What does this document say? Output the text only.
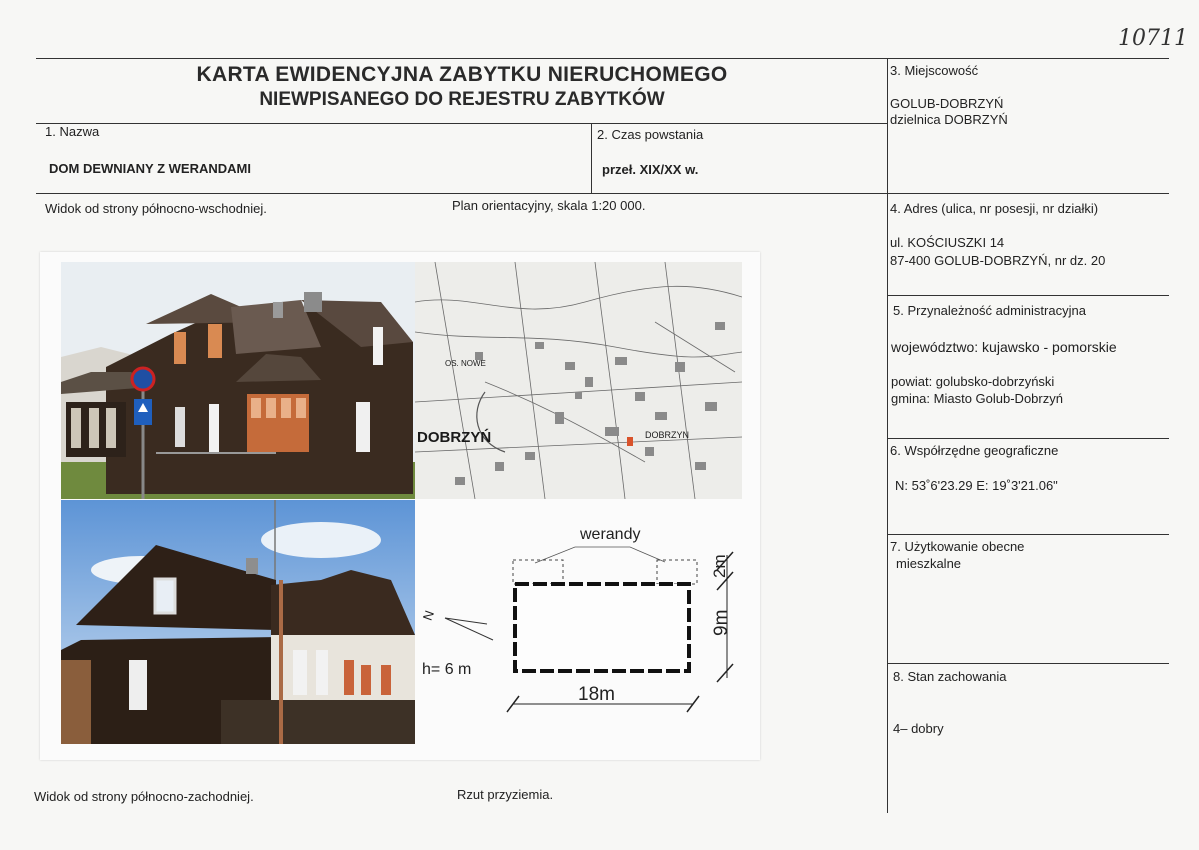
10711
KARTA EWIDENCYJNA ZABYTKU NIERUCHOMEGO
NIEWPISANEGO DO REJESTRU ZABYTKÓW
1. Nazwa
DOM DEWNIANY Z WERANDAMI
2. Czas powstania
przeł. XIX/XX w.
3. Miejscowość
GOLUB-DOBRZYŃ
dzielnica DOBRZYŃ
4. Adres (ulica, nr posesji, nr działki)
ul. KOŚCIUSZKI 14
87-400 GOLUB-DOBRZYŃ, nr dz. 20
5. Przynależność administracyjna
województwo: kujawsko - pomorskie
powiat: golubsko-dobrzyński
gmina: Miasto Golub-Dobrzyń
6. Współrzędne geograficzne
N: 53˚6'23.29 E: 19˚3'21.06"
7. Użytkowanie obecne
mieszkalne
8. Stan zachowania
4– dobry
Widok od strony północno-wschodniej.	Plan orientacyjny, skala 1:20 000.
Widok od strony północno-zachodniej.	Rzut przyziemia.
DOBRZYŃ	DOBRZYN
OS. NOWE
N
h= 6 m
werandy
18m
9m
2m
